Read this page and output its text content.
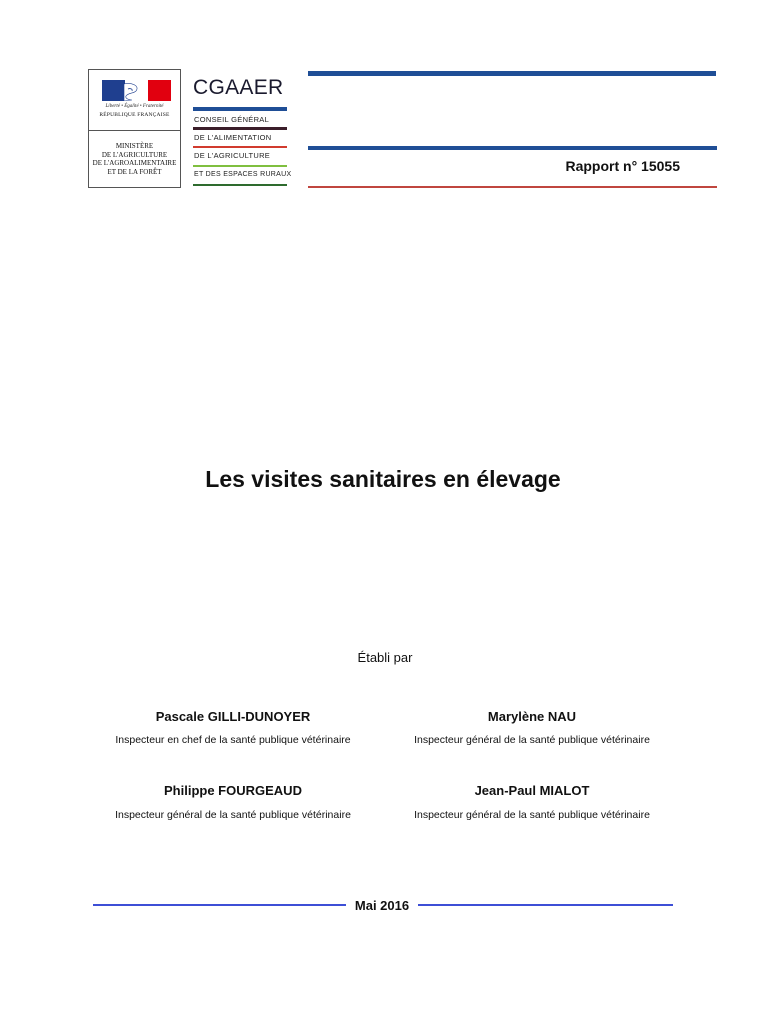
Liberté • Égalité • Fraternité
RÉPUBLIQUE FRANÇAISE
MINISTÈRE
DE L'AGRICULTURE
DE L'AGROALIMENTAIRE
ET DE LA FORÊT
CGAAER
CONSEIL GÉNÉRAL
DE L'ALIMENTATION
DE L'AGRICULTURE
ET DES ESPACES RURAUX
Rapport n° 15055
Les visites sanitaires en élevage
Établi par
Pascale GILLI-DUNOYER
Inspecteur en chef de la santé publique vétérinaire
Marylène NAU
Inspecteur général de la santé publique vétérinaire
Philippe FOURGEAUD
Inspecteur général de la santé publique vétérinaire
Jean-Paul MIALOT
Inspecteur général de la santé publique vétérinaire
Mai 2016
